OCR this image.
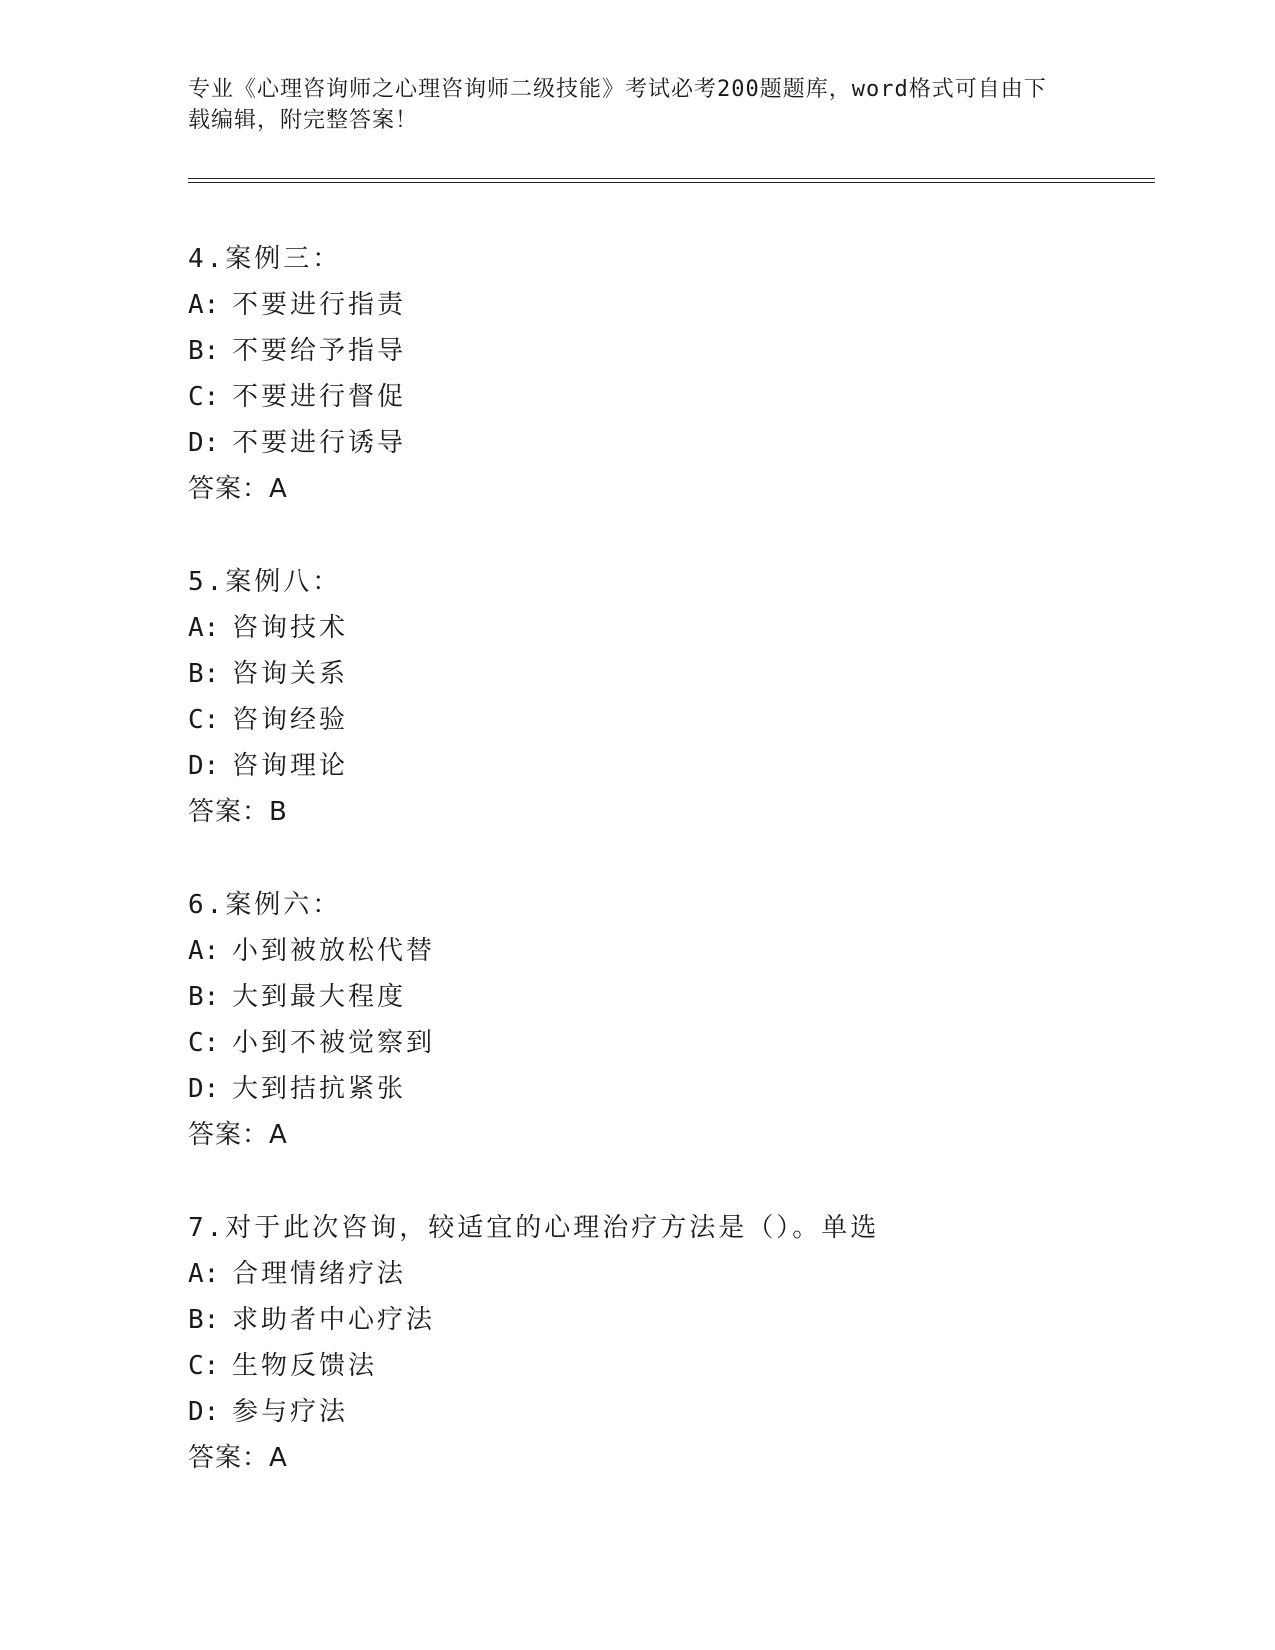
专业《心理咨询师之心理咨询师二级技能》考试必考200题题库，word格式可自由下载编辑，附完整答案！
4.案例三：
A: 不要进行指责
B: 不要给予指导
C: 不要进行督促
D: 不要进行诱导
答案：A
5.案例八：
A: 咨询技术
B: 咨询关系
C: 咨询经验
D: 咨询理论
答案：B
6.案例六：
A: 小到被放松代替
B: 大到最大程度
C: 小到不被觉察到
D: 大到拮抗紧张
答案：A
7.对于此次咨询，较适宜的心理治疗方法是（）。单选
A: 合理情绪疗法
B: 求助者中心疗法
C: 生物反馈法
D: 参与疗法
答案：A
